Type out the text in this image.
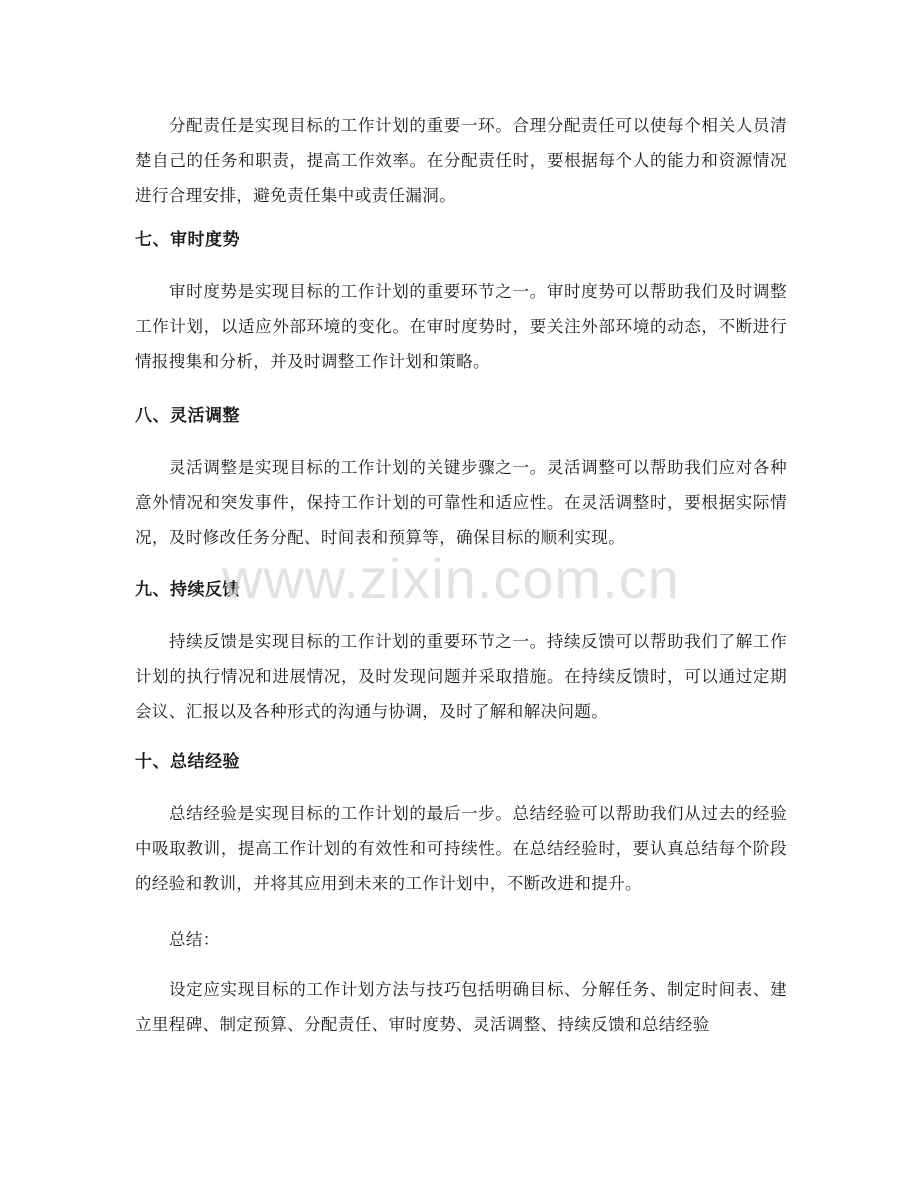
分配责任是实现目标的工作计划的重要一环。合理分配责任可以使每个相关人员清楚自己的任务和职责，提高工作效率。在分配责任时，要根据每个人的能力和资源情况进行合理安排，避免责任集中或责任漏洞。

七、审时度势

审时度势是实现目标的工作计划的重要环节之一。审时度势可以帮助我们及时调整工作计划，以适应外部环境的变化。在审时度势时，要关注外部环境的动态，不断进行情报搜集和分析，并及时调整工作计划和策略。

八、灵活调整

灵活调整是实现目标的工作计划的关键步骤之一。灵活调整可以帮助我们应对各种意外情况和突发事件，保持工作计划的可靠性和适应性。在灵活调整时，要根据实际情况，及时修改任务分配、时间表和预算等，确保目标的顺利实现。

九、持续反馈

持续反馈是实现目标的工作计划的重要环节之一。持续反馈可以帮助我们了解工作计划的执行情况和进展情况，及时发现问题并采取措施。在持续反馈时，可以通过定期会议、汇报以及各种形式的沟通与协调，及时了解和解决问题。

十、总结经验

总结经验是实现目标的工作计划的最后一步。总结经验可以帮助我们从过去的经验中吸取教训，提高工作计划的有效性和可持续性。在总结经验时，要认真总结每个阶段的经验和教训，并将其应用到未来的工作计划中，不断改进和提升。

总结：

设定应实现目标的工作计划方法与技巧包括明确目标、分解任务、制定时间表、建立里程碑、制定预算、分配责任、审时度势、灵活调整、持续反馈和总结经验

www.zixin.com.cn
